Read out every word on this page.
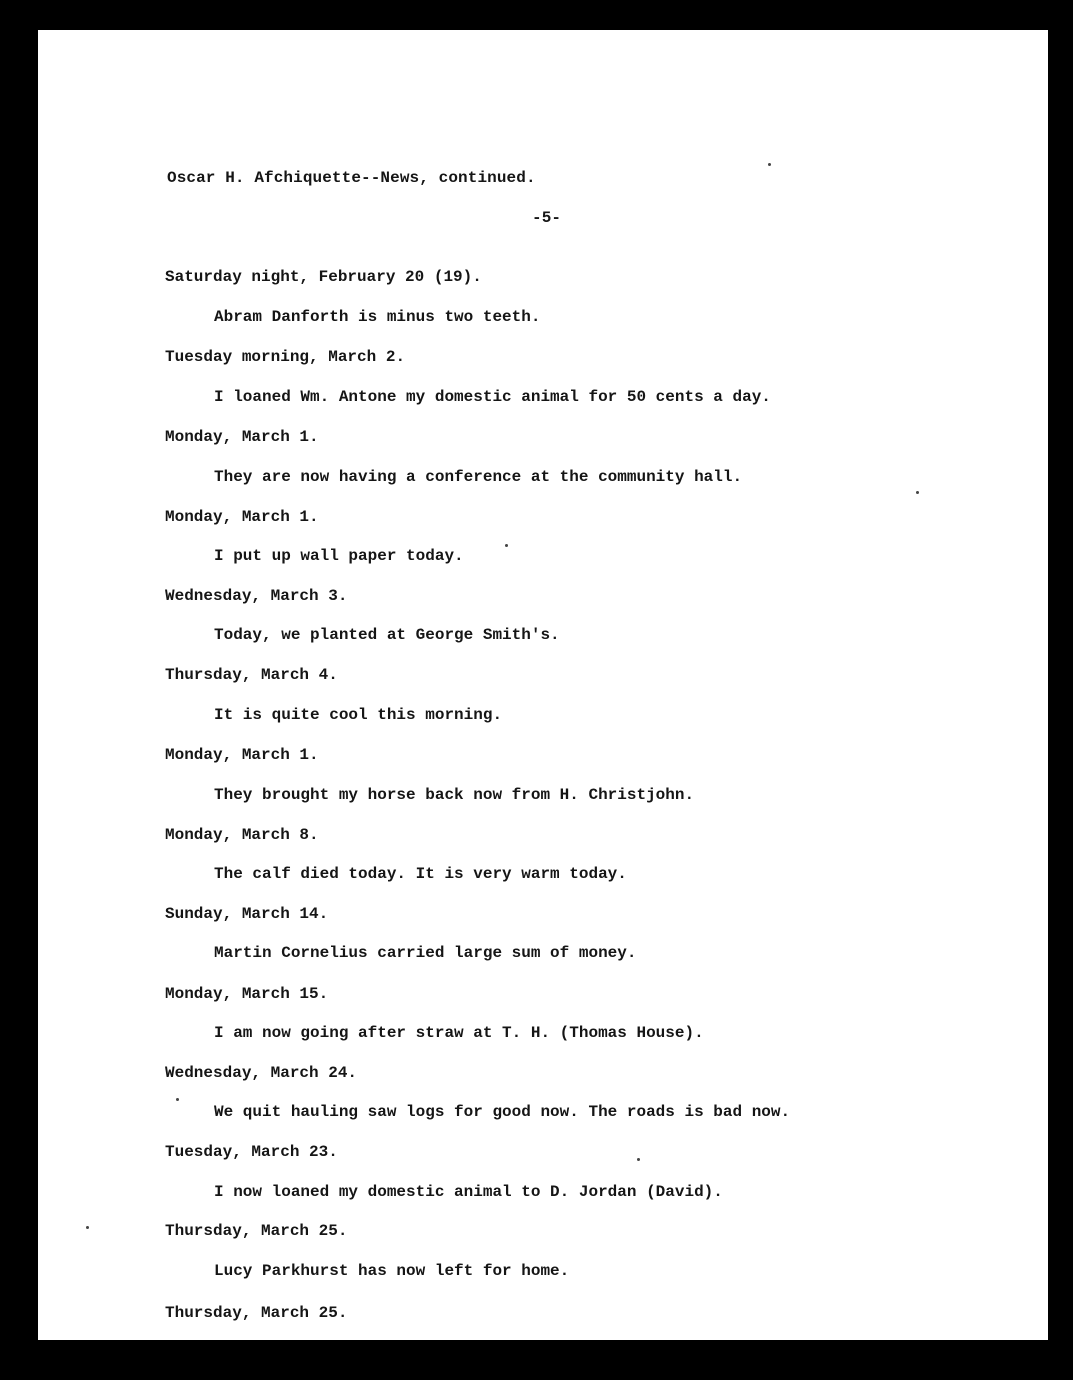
Oscar H. Afchiquette--News, continued.
-5-
Saturday night, February 20 (19).
Abram Danforth is minus two teeth.
Tuesday morning, March 2.
I loaned Wm. Antone my domestic animal for 50 cents a day.
Monday, March 1.
They are now having a conference at the community hall.
Monday, March 1.
I put up wall paper today.
Wednesday, March 3.
Today, we planted at George Smith's.
Thursday, March 4.
It is quite cool this morning.
Monday, March 1.
They brought my horse back now from H. Christjohn.
Monday, March 8.
The calf died today. It is very warm today.
Sunday, March 14.
Martin Cornelius carried large sum of money.
Monday, March 15.
I am now going after straw at T. H. (Thomas House).
Wednesday, March 24.
We quit hauling saw logs for good now. The roads is bad now.
Tuesday, March 23.
I now loaned my domestic animal to D. Jordan (David).
Thursday, March 25.
Lucy Parkhurst has now left for home.
Thursday, March 25.
